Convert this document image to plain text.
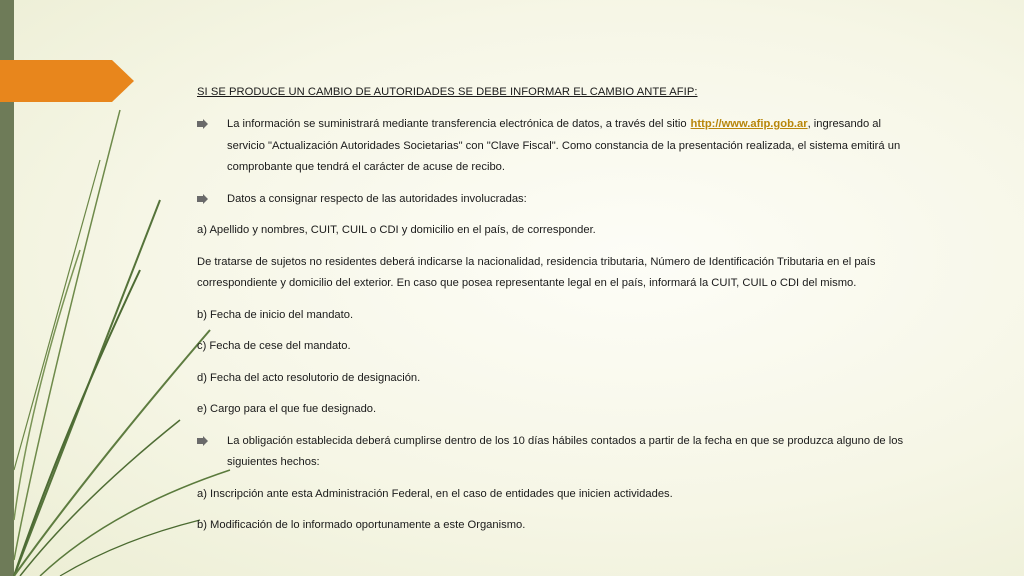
SI SE PRODUCE UN CAMBIO DE AUTORIDADES SE DEBE INFORMAR EL CAMBIO ANTE AFIP:

La información se suministrará mediante transferencia electrónica de datos, a través del sitio http://www.afip.gob.ar, ingresando al servicio "Actualización Autoridades Societarias" con "Clave Fiscal". Como constancia de la presentación realizada, el sistema emitirá un comprobante que tendrá el carácter de acuse de recibo.
Datos a consignar respecto de las autoridades involucradas:

a) Apellido y nombres, CUIT, CUIL o CDI y domicilio en el país, de corresponder.

De tratarse de sujetos no residentes deberá indicarse la nacionalidad, residencia tributaria, Número de Identificación Tributaria en el país correspondiente y domicilio del exterior. En caso que posea representante legal en el país, informará la CUIT, CUIL o CDI del mismo.

b) Fecha de inicio del mandato.

c) Fecha de cese del mandato.

d) Fecha del acto resolutorio de designación.

e) Cargo para el que fue designado.

La obligación establecida deberá cumplirse dentro de los 10 días hábiles contados a partir de la fecha en que se produzca alguno de los siguientes hechos:

a) Inscripción ante esta Administración Federal, en el caso de entidades que inicien actividades.

b) Modificación de lo informado oportunamente a este Organismo.
